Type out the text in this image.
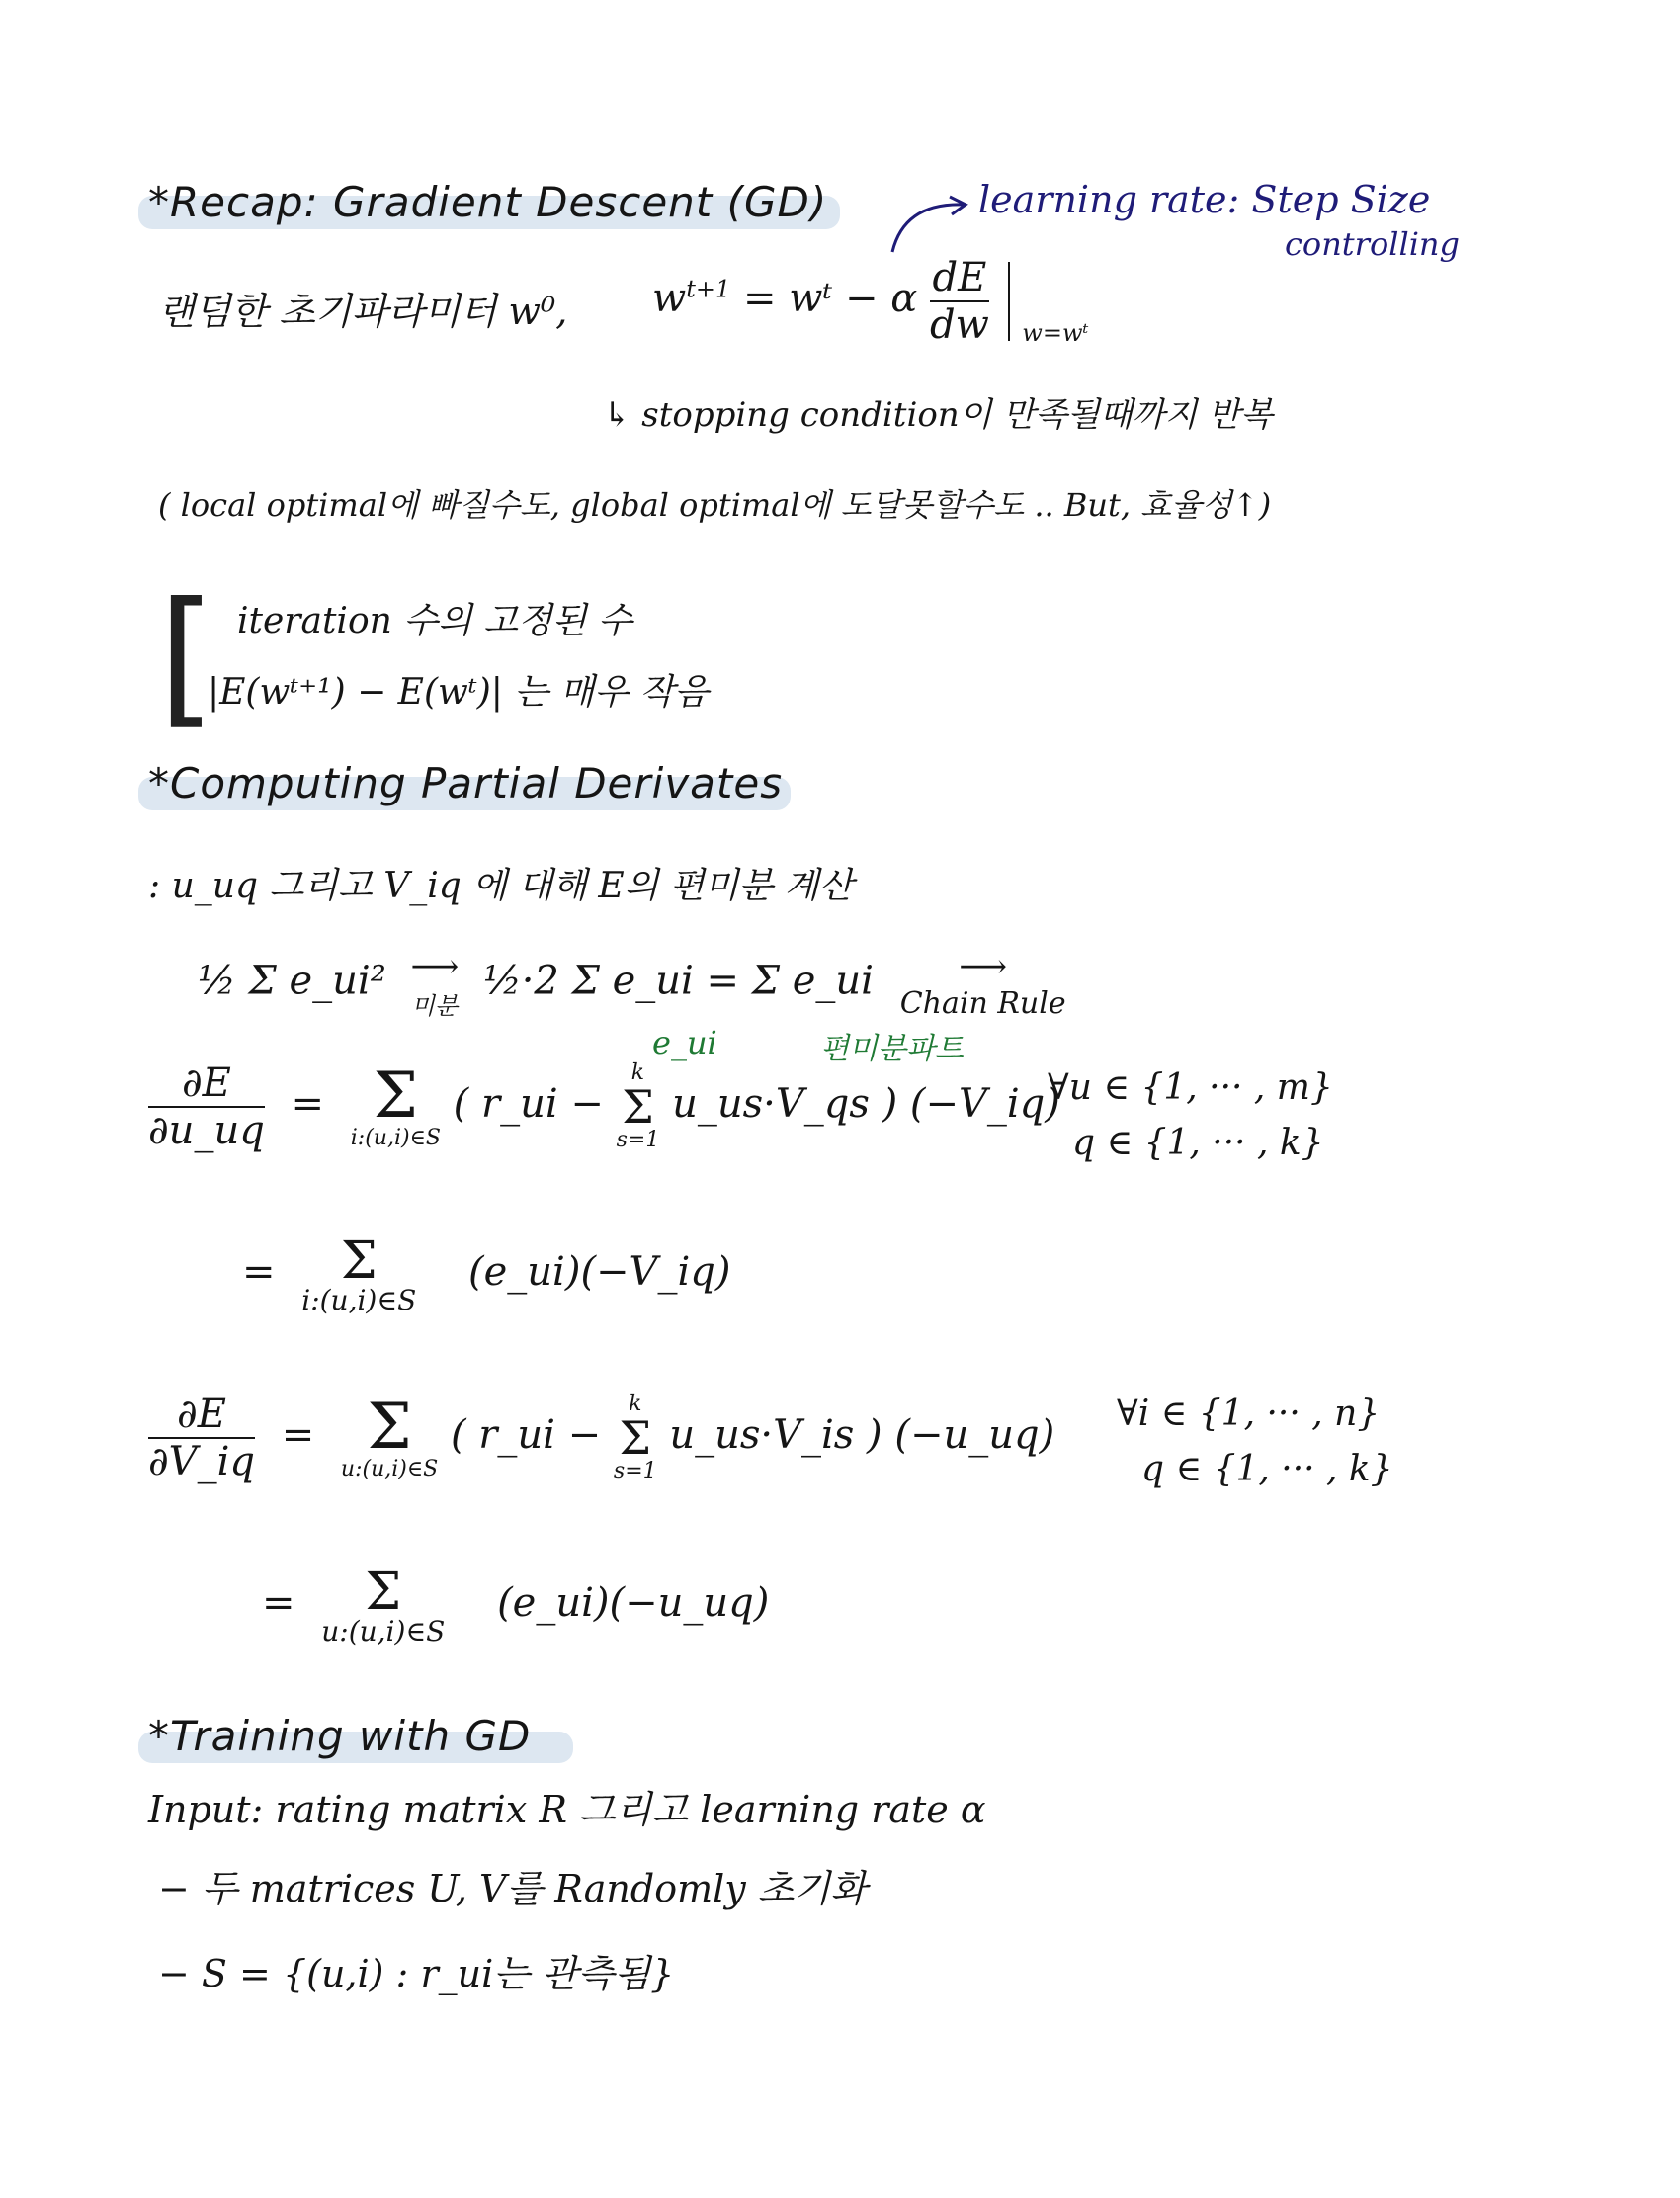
*Recap: Gradient Descent (GD)	learning rate: Step Size
controlling
랜덤한 초기파라미터 w⁰, $w^{t+1}$ = wᵗ − α $\frac{dE}{dw} _{w=wᵗ}$
↳ stopping condition이 만족될때까지 반복
( local optimal에 빠질수도, global optimal에 도달못할수도 .. But, 효율성↑)
[ iteration 수의 고정된 수
|E(wᵗ⁺¹) − E(wᵗ)| 는 매우 작음
*Computing Partial Derivates
: u_uq 그리고 V_iq 에 대해 E의 편미분 계산
½ Σ e_ui² ⟶
미분
½·2 Σ e_ui = Σ e_ui	⟶
Chain Rule
e_ui	편미분파트
$\frac{\partial E}{\partial u\_uq} = \Sigma$
i:(u,i)∈S
( r_ui −
k
Σ
s=1
u_us·V_qs ) (−V_iq)
∀u ∈ {1, ··· , m}
q ∈ {1, ··· , k}
= Σ
i:(u,i)∈S
(e_ui)(−V_iq)
$\frac{\partial E}{\partial V\_iq} = \Sigma$
u:(u,i)∈S
( r_ui −
k
Σ
s=1
u_us·V_is ) (−u_uq) ∀i ∈ {1, ··· , n}
q ∈ {1, ··· , k}
= Σ
u:(u,i)∈S
(e_ui)(−u_uq)
*Training with GD
Input: rating matrix R 그리고 learning rate α
− 두 matrices U, V를 Randomly 초기화
− S = {(u,i) : r_ui는 관측됨}
